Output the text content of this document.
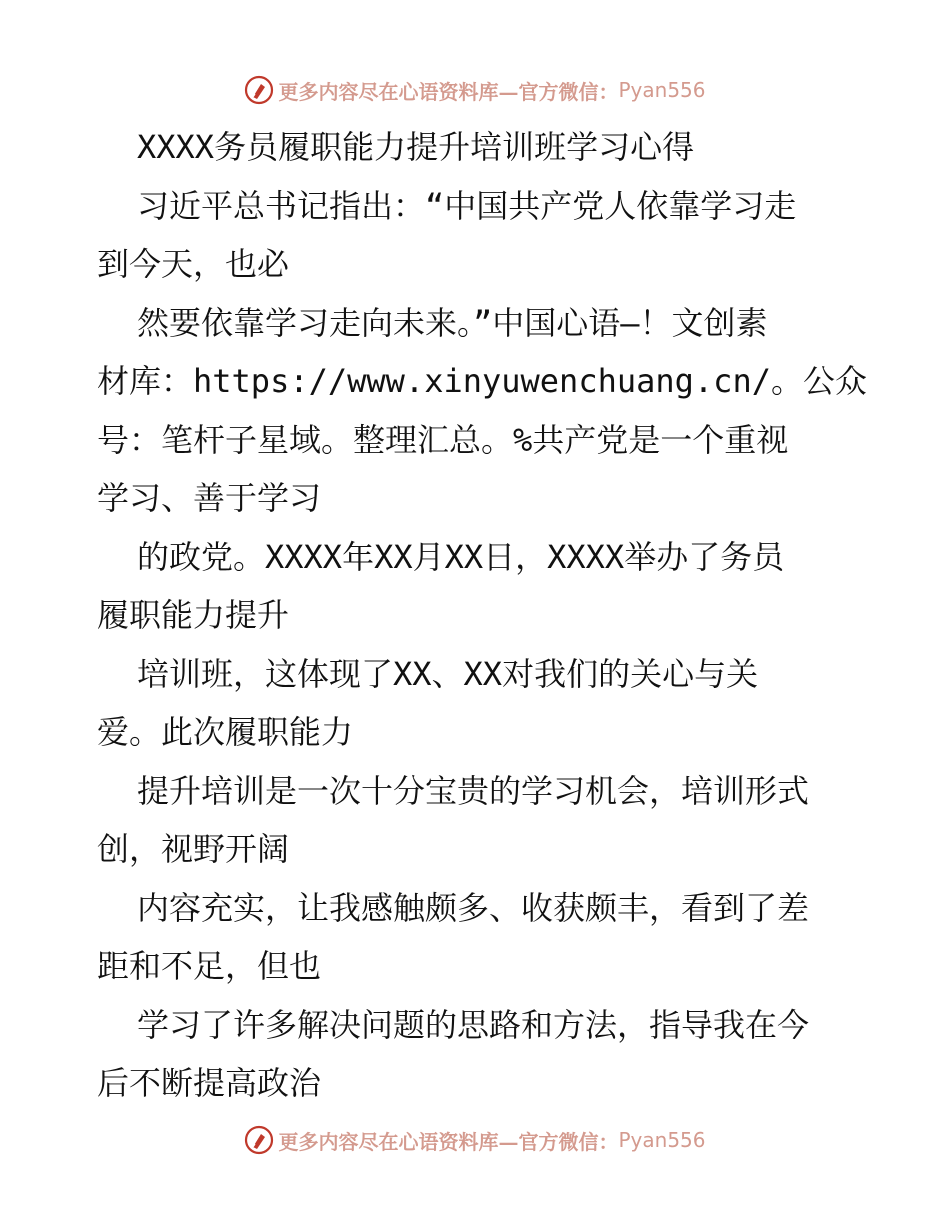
更多内容尽在心语资料库—官方微信： Pyan556
XXXX务员履职能力提升培训班学习心得
习近平总书记指出：“中国共产党人依靠学习走
到今天，也必
然要依靠学习走向未来。”中国心语—！文创素
材库：https://www.xinyuwenchuang.cn/。公众
号：笔杆子星域。整理汇总。%共产党是一个重视
学习、善于学习
的政党。XXXX年XX月XX日，XXXX举办了务员
履职能力提升
培训班，这体现了XX、XX对我们的关心与关
爱。此次履职能力
提升培训是一次十分宝贵的学习机会，培训形式
创，视野开阔
内容充实，让我感触颇多、收获颇丰，看到了差
距和不足，但也
学习了许多解决问题的思路和方法，指导我在今
后不断提高政治
更多内容尽在心语资料库—官方微信： Pyan556
